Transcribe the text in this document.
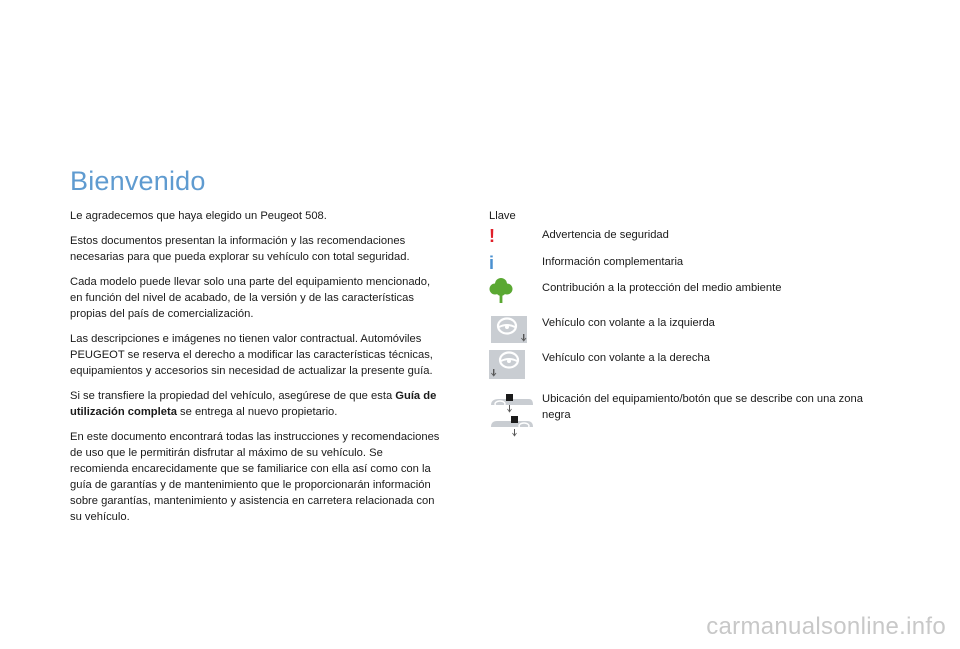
Bienvenido

Le agradecemos que haya elegido un Peugeot 508.

Estos documentos presentan la información y las recomendaciones necesarias para que pueda explorar su vehículo con total seguridad.

Cada modelo puede llevar solo una parte del equipamiento mencionado, en función del nivel de acabado, de la versión y de las características propias del país de comercialización.

Las descripciones e imágenes no tienen valor contractual. Automóviles PEUGEOT se reserva el derecho a modificar las características técnicas, equipamientos y accesorios sin necesidad de actualizar la presente guía.

Si se transfiere la propiedad del vehículo, asegúrese de que esta Guía de utilización completa se entrega al nuevo propietario.

En este documento encontrará todas las instrucciones y recomendaciones de uso que le permitirán disfrutar al máximo de su vehículo. Se recomienda encarecidamente que se familiarice con ella así como con la guía de garantías y de mantenimiento que le proporcionarán información sobre garantías, mantenimiento y asistencia en carretera relacionada con su vehículo.

Llave
!	Advertencia de seguridad
i	Información complementaria
Contribución a la protección del medio ambiente
Vehículo con volante a la izquierda
Vehículo con volante a la derecha
Ubicación del equipamiento/botón que se describe con una zona negra
carmanualsonline.info
